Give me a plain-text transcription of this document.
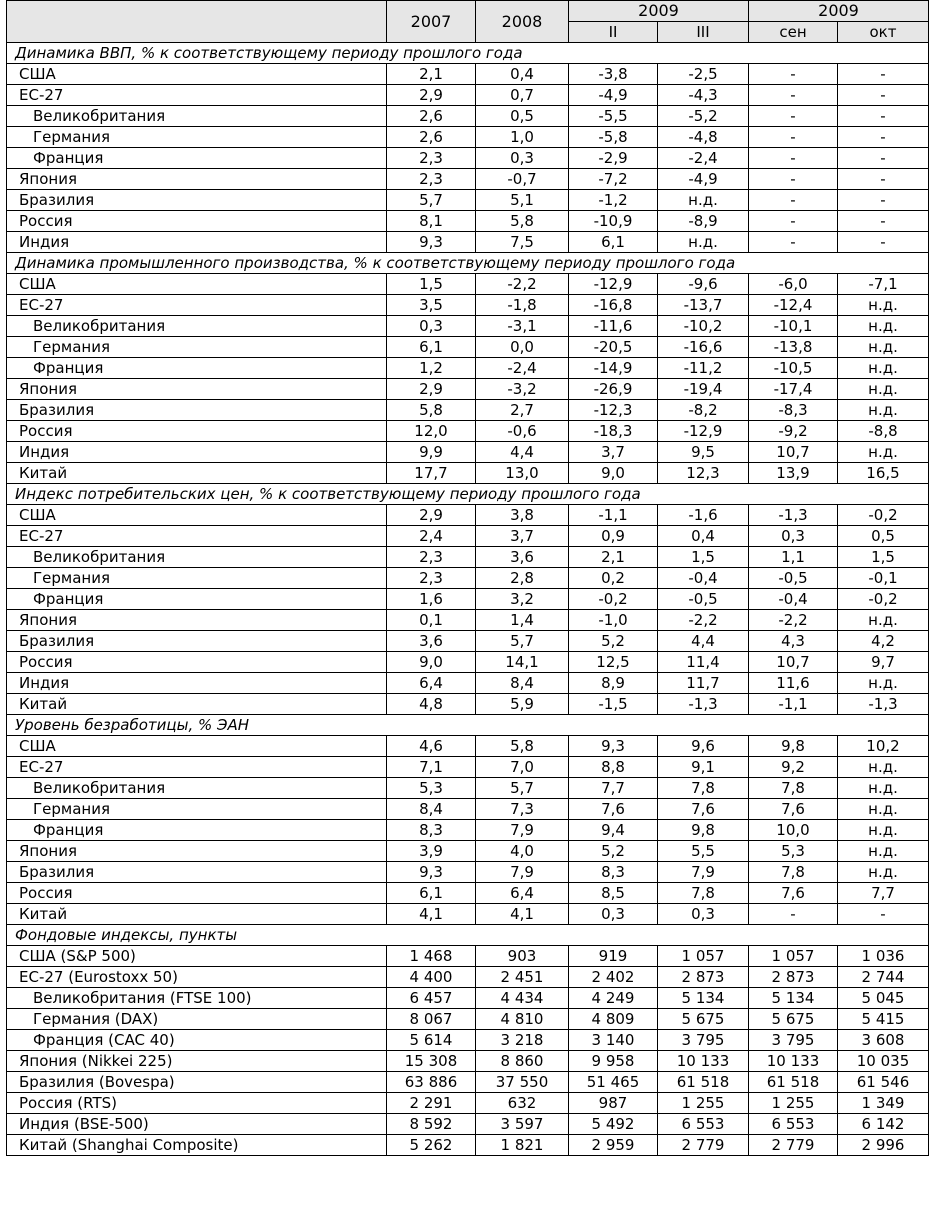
	2007	2008	2009		2009	
			II	III	сен	окт
Динамика ВВП, % к соответствующему периоду прошлого года						
США	2,1	0,4	-3,8	-2,5	-	-
ЕС-27	2,9	0,7	-4,9	-4,3	-	-
Великобритания	2,6	0,5	-5,5	-5,2	-	-
Германия	2,6	1,0	-5,8	-4,8	-	-
Франция	2,3	0,3	-2,9	-2,4	-	-
Япония	2,3	-0,7	-7,2	-4,9	-	-
Бразилия	5,7	5,1	-1,2	н.д.	-	-
Россия	8,1	5,8	-10,9	-8,9	-	-
Индия	9,3	7,5	6,1	н.д.	-	-
Динамика промышленного производства, % к соответствующему периоду прошлого года						
США	1,5	-2,2	-12,9	-9,6	-6,0	-7,1
ЕС-27	3,5	-1,8	-16,8	-13,7	-12,4	н.д.
Великобритания	0,3	-3,1	-11,6	-10,2	-10,1	н.д.
Германия	6,1	0,0	-20,5	-16,6	-13,8	н.д.
Франция	1,2	-2,4	-14,9	-11,2	-10,5	н.д.
Япония	2,9	-3,2	-26,9	-19,4	-17,4	н.д.
Бразилия	5,8	2,7	-12,3	-8,2	-8,3	н.д.
Россия	12,0	-0,6	-18,3	-12,9	-9,2	-8,8
Индия	9,9	4,4	3,7	9,5	10,7	н.д.
Китай	17,7	13,0	9,0	12,3	13,9	16,5
Индекс потребительских цен, % к соответствующему периоду прошлого года						
США	2,9	3,8	-1,1	-1,6	-1,3	-0,2
ЕС-27	2,4	3,7	0,9	0,4	0,3	0,5
Великобритания	2,3	3,6	2,1	1,5	1,1	1,5
Германия	2,3	2,8	0,2	-0,4	-0,5	-0,1
Франция	1,6	3,2	-0,2	-0,5	-0,4	-0,2
Япония	0,1	1,4	-1,0	-2,2	-2,2	н.д.
Бразилия	3,6	5,7	5,2	4,4	4,3	4,2
Россия	9,0	14,1	12,5	11,4	10,7	9,7
Индия	6,4	8,4	8,9	11,7	11,6	н.д.
Китай	4,8	5,9	-1,5	-1,3	-1,1	-1,3
Уровень безработицы, % ЭАН						
США	4,6	5,8	9,3	9,6	9,8	10,2
ЕС-27	7,1	7,0	8,8	9,1	9,2	н.д.
Великобритания	5,3	5,7	7,7	7,8	7,8	н.д.
Германия	8,4	7,3	7,6	7,6	7,6	н.д.
Франция	8,3	7,9	9,4	9,8	10,0	н.д.
Япония	3,9	4,0	5,2	5,5	5,3	н.д.
Бразилия	9,3	7,9	8,3	7,9	7,8	н.д.
Россия	6,1	6,4	8,5	7,8	7,6	7,7
Китай	4,1	4,1	0,3	0,3	-	-
Фондовые индексы, пункты						
США (S&P 500)	1 468	903	919	1 057	1 057	1 036
ЕС-27 (Eurostoxx 50)	4 400	2 451	2 402	2 873	2 873	2 744
Великобритания (FTSE 100)	6 457	4 434	4 249	5 134	5 134	5 045
Германия (DAX)	8 067	4 810	4 809	5 675	5 675	5 415
Франция (CAC 40)	5 614	3 218	3 140	3 795	3 795	3 608
Япония (Nikkei 225)	15 308	8 860	9 958	10 133	10 133	10 035
Бразилия (Bovespa)	63 886	37 550	51 465	61 518	61 518	61 546
Россия (RTS)	2 291	632	987	1 255	1 255	1 349
Индия (BSE-500)	8 592	3 597	5 492	6 553	6 553	6 142
Китай (Shanghai Composite)	5 262	1 821	2 959	2 779	2 779	2 996
